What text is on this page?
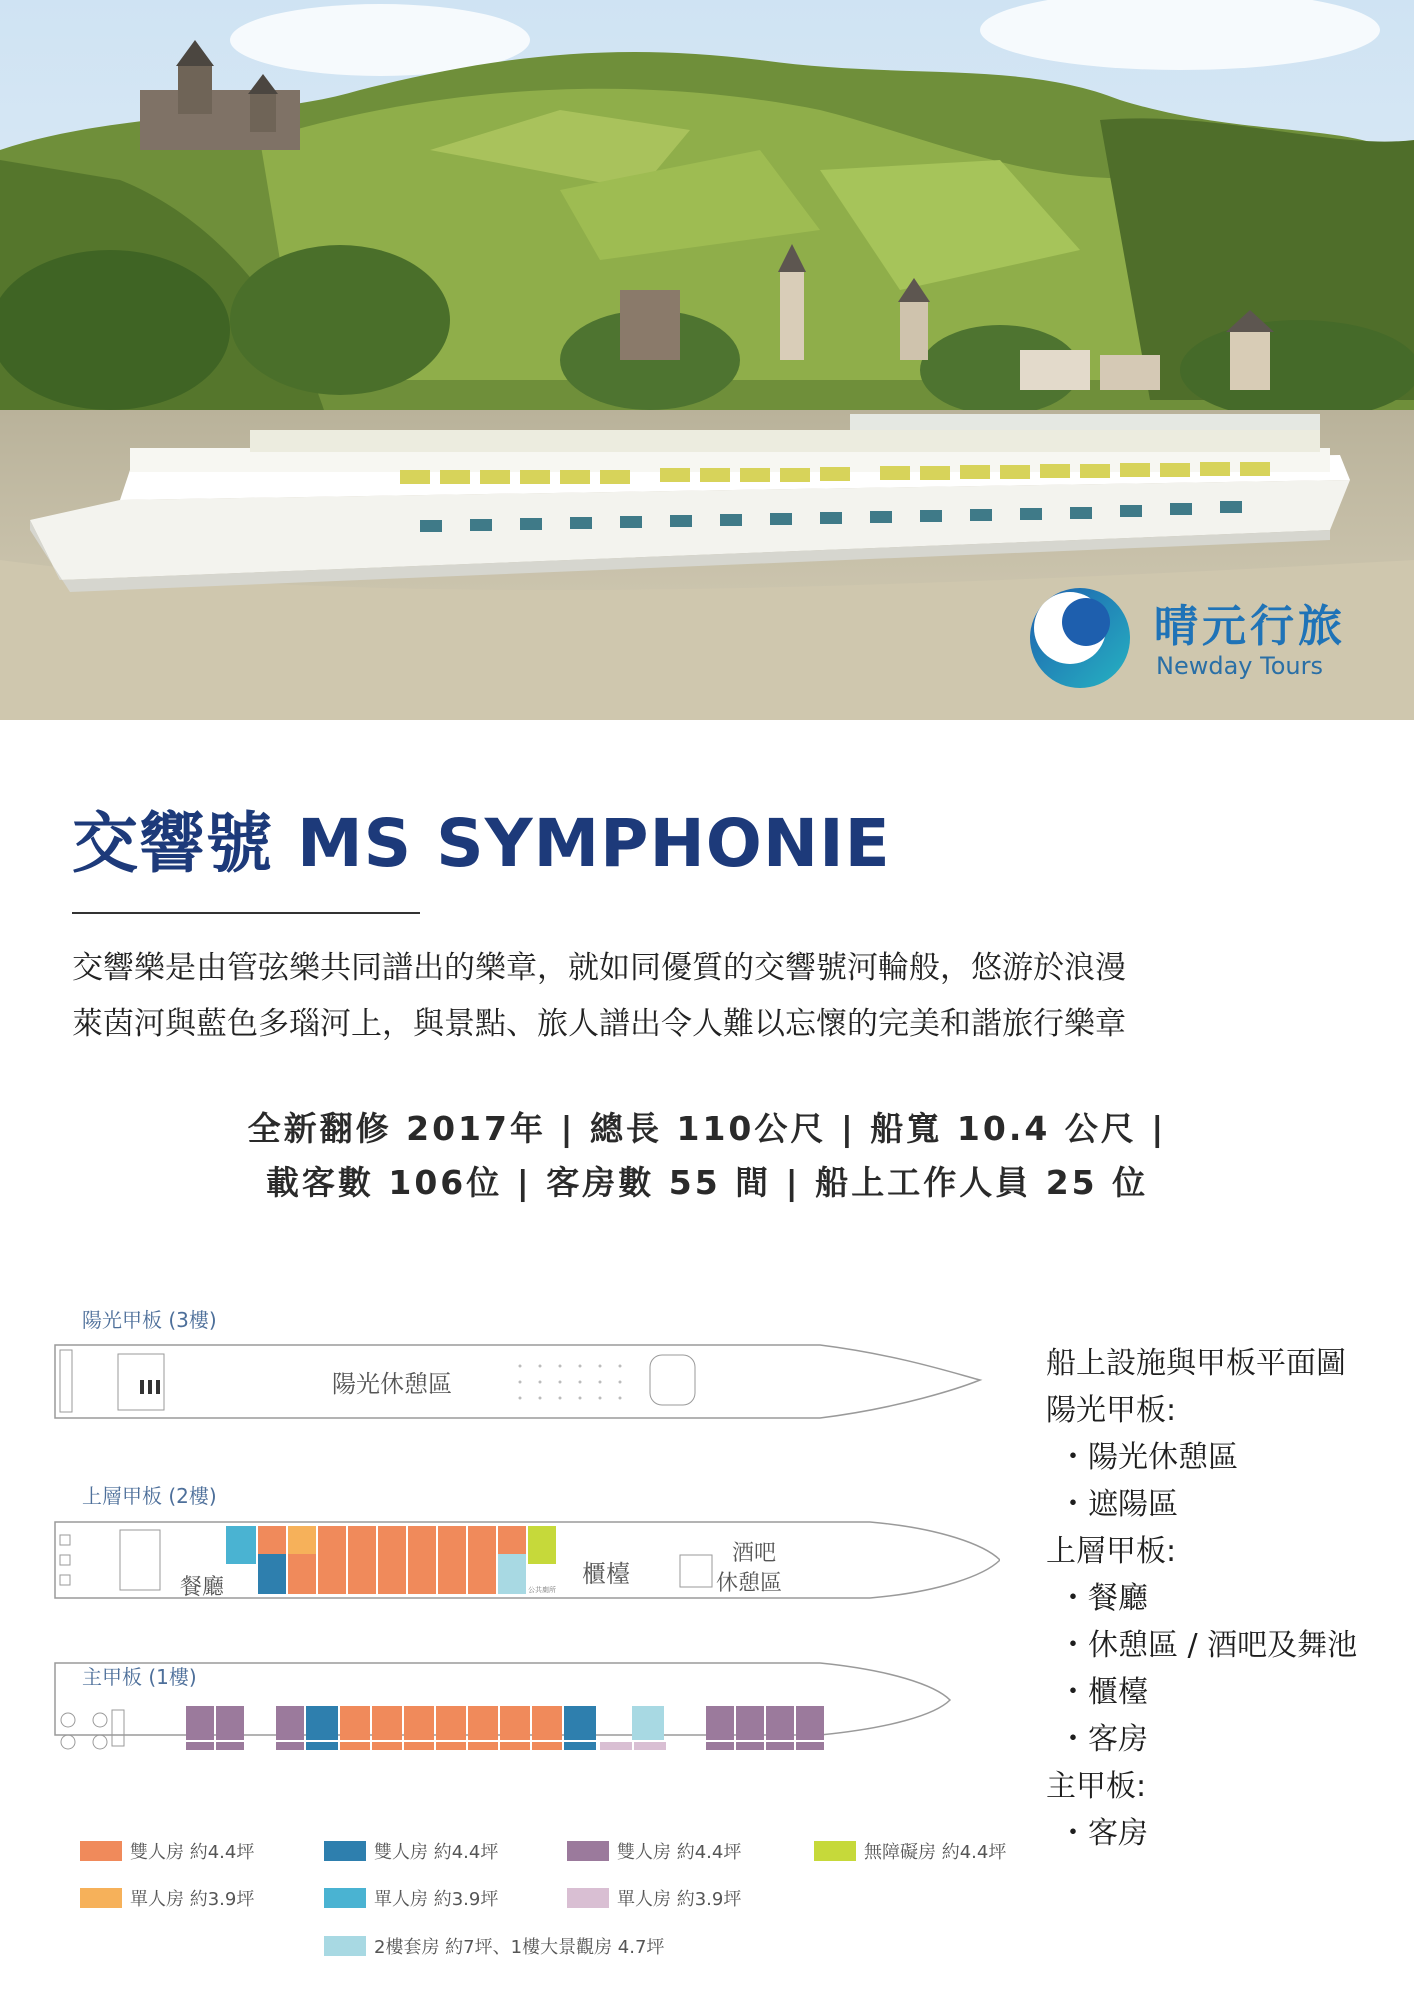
晴元行旅
Newday Tours
交響號 MS SYMPHONIE
交響樂是由管弦樂共同譜出的樂章，就如同優質的交響號河輪般，悠游於浪漫
萊茵河與藍色多瑙河上，與景點、旅人譜出令人難以忘懷的完美和諧旅行樂章
全新翻修 2017年 | 總長 110公尺 | 船寬 10.4 公尺 |
載客數 106位 | 客房數 55 間 | 船上工作人員 25 位
陽光甲板 (3樓)
上層甲板 (2樓)
主甲板 (1樓)
陽光休憩區
餐廳	櫃檯
酒吧
休憩區
公共廁所
船上設施與甲板平面圖
陽光甲板:
・陽光休憩區
・遮陽區
上層甲板:
・餐廳
・休憩區 / 酒吧及舞池
・櫃檯
・客房
主甲板:
・客房
雙人房 約4.4坪
單人房 約3.9坪
雙人房 約4.4坪
單人房 約3.9坪
雙人房 約4.4坪
單人房 約3.9坪
無障礙房 約4.4坪
2樓套房 約7坪、1樓大景觀房 4.7坪
